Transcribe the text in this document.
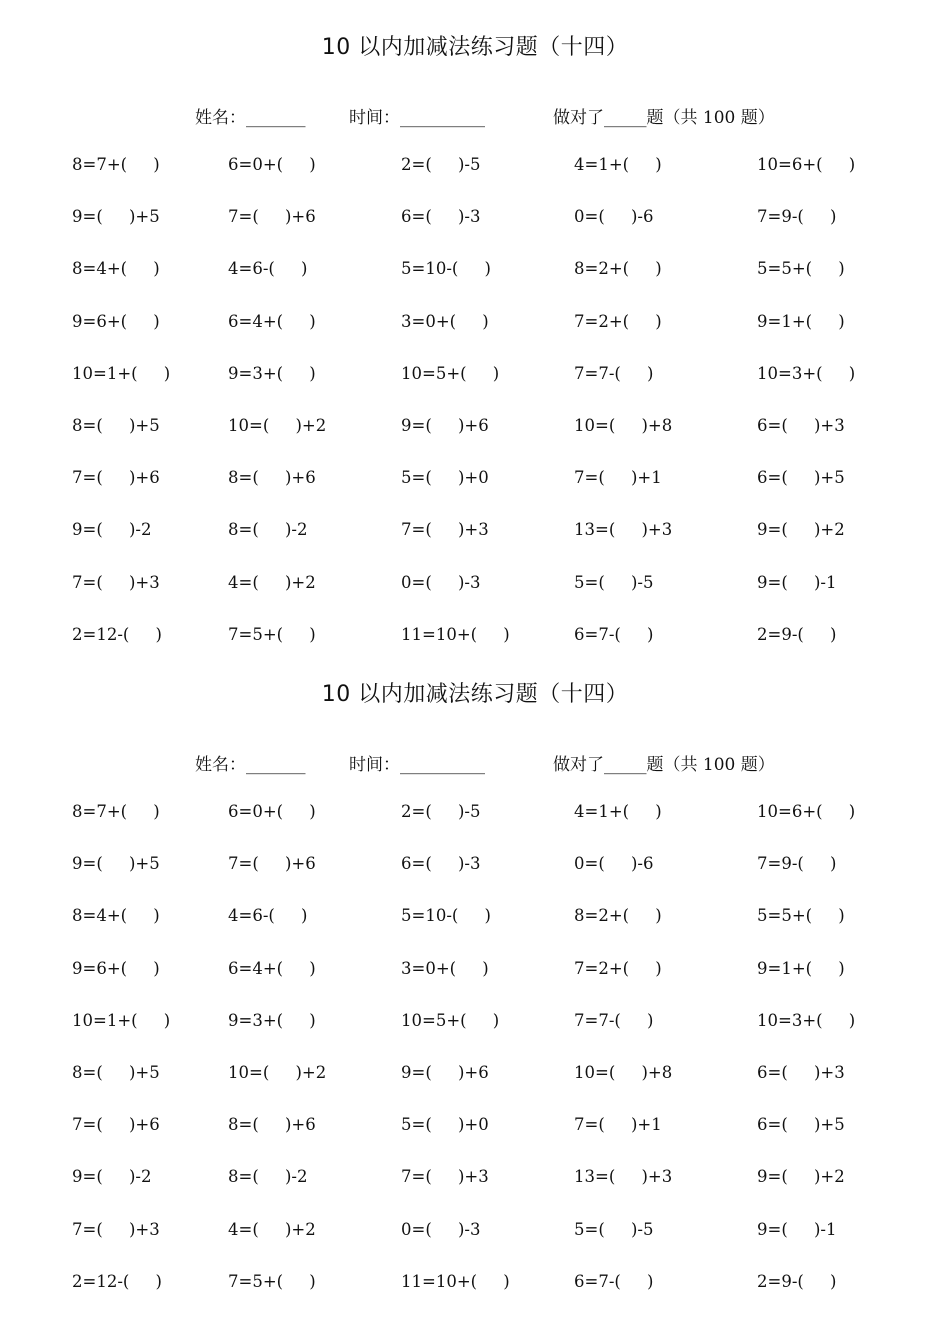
10 以内加减法练习题（十四）
姓名：_______	时间：__________	做对了_____题（共 100 题）
8=7+(     )	6=0+(     )	2=(     )-5	4=1+(     )	10=6+(     )
9=(     )+5	7=(     )+6	6=(     )-3	0=(     )-6	7=9-(     )
8=4+(     )	4=6-(     )	5=10-(     )	8=2+(     )	5=5+(     )
9=6+(     )	6=4+(     )	3=0+(     )	7=2+(     )	9=1+(     )
10=1+(     )	9=3+(     )	10=5+(     )	7=7-(     )	10=3+(     )
8=(     )+5	10=(     )+2	9=(     )+6	10=(     )+8	6=(     )+3
7=(     )+6	8=(     )+6	5=(     )+0	7=(     )+1	6=(     )+5
9=(     )-2	8=(     )-2	7=(     )+3	13=(     )+3	9=(     )+2
7=(     )+3	4=(     )+2	0=(     )-3	5=(     )-5	9=(     )-1
2=12-(     )	7=5+(     )	11=10+(     )	6=7-(     )	2=9-(     )
10 以内加减法练习题（十四）
姓名：_______	时间：__________	做对了_____题（共 100 题）
8=7+(     )	6=0+(     )	2=(     )-5	4=1+(     )	10=6+(     )
9=(     )+5	7=(     )+6	6=(     )-3	0=(     )-6	7=9-(     )
8=4+(     )	4=6-(     )	5=10-(     )	8=2+(     )	5=5+(     )
9=6+(     )	6=4+(     )	3=0+(     )	7=2+(     )	9=1+(     )
10=1+(     )	9=3+(     )	10=5+(     )	7=7-(     )	10=3+(     )
8=(     )+5	10=(     )+2	9=(     )+6	10=(     )+8	6=(     )+3
7=(     )+6	8=(     )+6	5=(     )+0	7=(     )+1	6=(     )+5
9=(     )-2	8=(     )-2	7=(     )+3	13=(     )+3	9=(     )+2
7=(     )+3	4=(     )+2	0=(     )-3	5=(     )-5	9=(     )-1
2=12-(     )	7=5+(     )	11=10+(     )	6=7-(     )	2=9-(     )
